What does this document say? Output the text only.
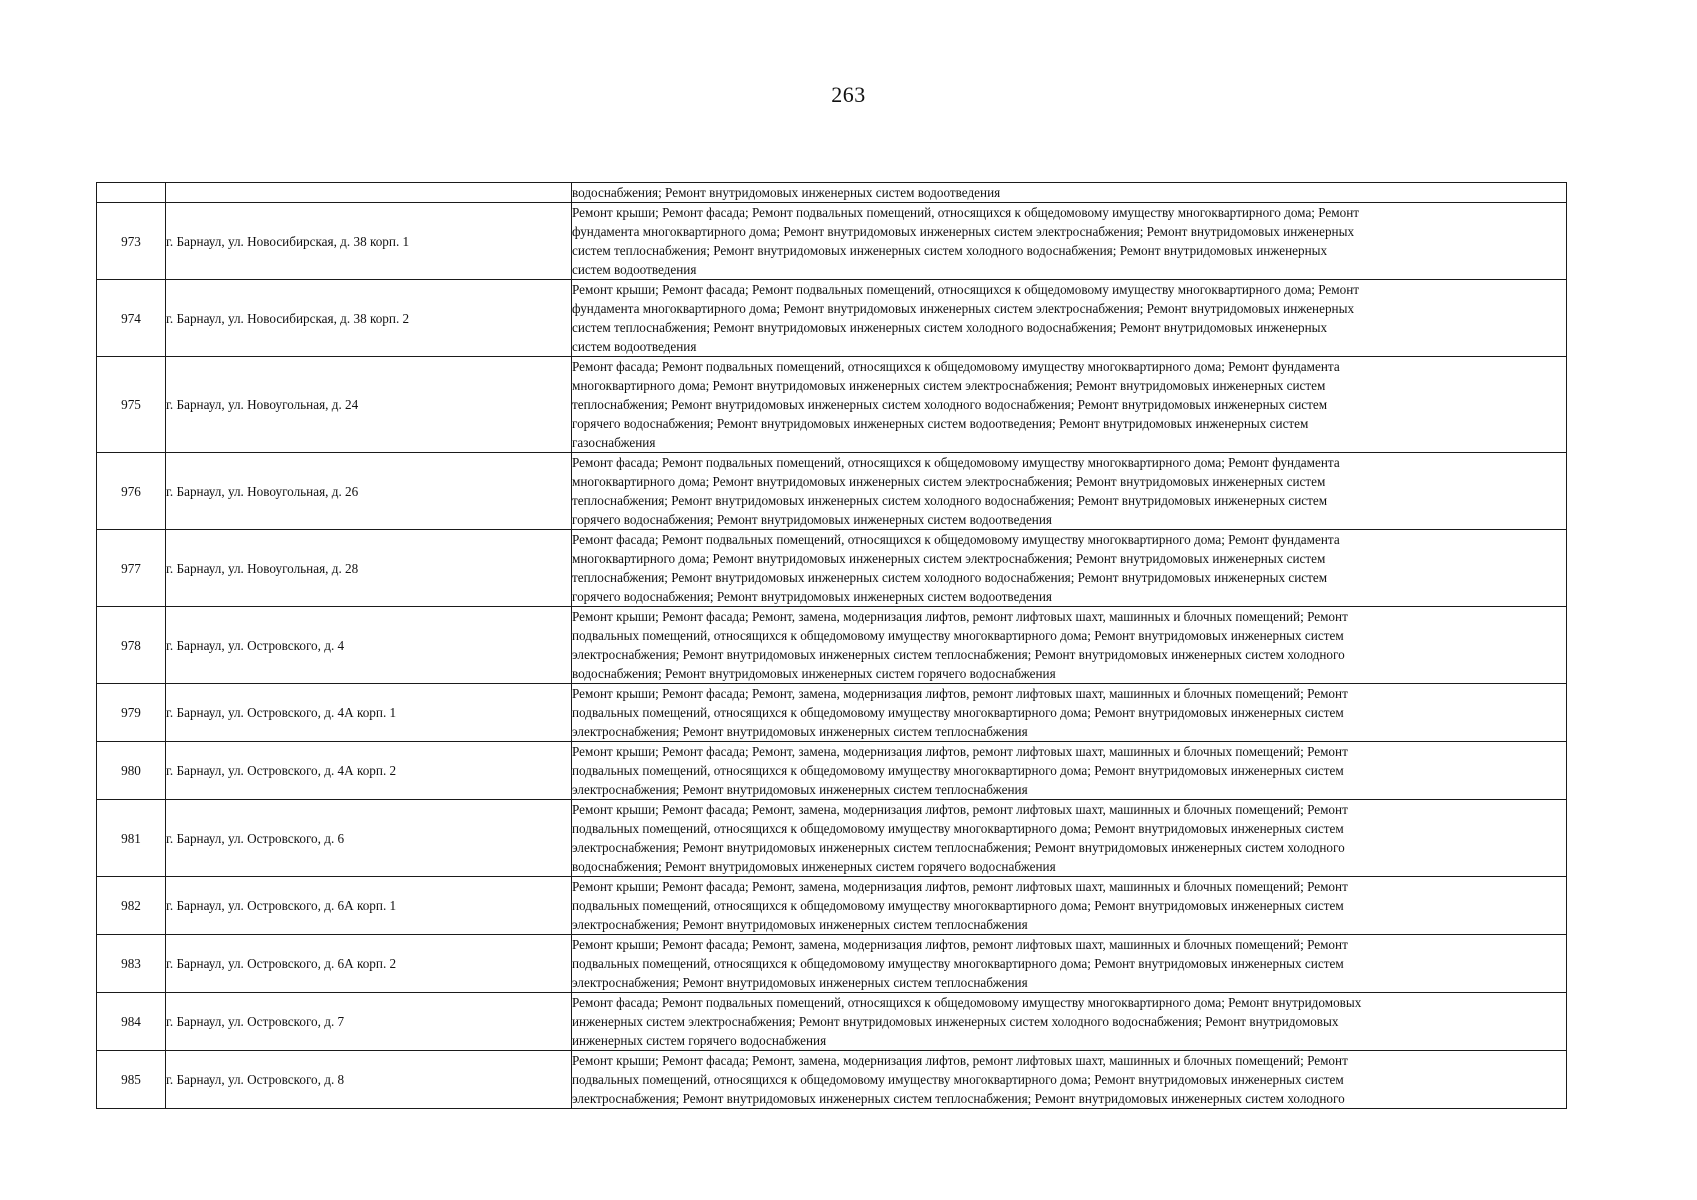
263

		водоснабжения; Ремонт внутридомовых инженерных систем водоотведения

973	г. Барнаул, ул. Новосибирская, д. 38 корп. 1	Ремонт крыши; Ремонт фасада; Ремонт подвальных помещений, относящихся к общедомовому имуществу многоквартирного дома; Ремонт
фундамента многоквартирного дома; Ремонт внутридомовых инженерных систем электроснабжения; Ремонт внутридомовых инженерных
систем теплоснабжения; Ремонт внутридомовых инженерных систем холодного водоснабжения; Ремонт внутридомовых инженерных
систем водоотведения

974	г. Барнаул, ул. Новосибирская, д. 38 корп. 2	Ремонт крыши; Ремонт фасада; Ремонт подвальных помещений, относящихся к общедомовому имуществу многоквартирного дома; Ремонт
фундамента многоквартирного дома; Ремонт внутридомовых инженерных систем электроснабжения; Ремонт внутридомовых инженерных
систем теплоснабжения; Ремонт внутридомовых инженерных систем холодного водоснабжения; Ремонт внутридомовых инженерных
систем водоотведения

975	г. Барнаул, ул. Новоугольная, д. 24	Ремонт фасада; Ремонт подвальных помещений, относящихся к общедомовому имуществу многоквартирного дома; Ремонт фундамента
многоквартирного дома; Ремонт внутридомовых инженерных систем электроснабжения; Ремонт внутридомовых инженерных систем
теплоснабжения; Ремонт внутридомовых инженерных систем холодного водоснабжения; Ремонт внутридомовых инженерных систем
горячего водоснабжения; Ремонт внутридомовых инженерных систем водоотведения; Ремонт внутридомовых инженерных систем
газоснабжения

976	г. Барнаул, ул. Новоугольная, д. 26	Ремонт фасада; Ремонт подвальных помещений, относящихся к общедомовому имуществу многоквартирного дома; Ремонт фундамента
многоквартирного дома; Ремонт внутридомовых инженерных систем электроснабжения; Ремонт внутридомовых инженерных систем
теплоснабжения; Ремонт внутридомовых инженерных систем холодного водоснабжения; Ремонт внутридомовых инженерных систем
горячего водоснабжения; Ремонт внутридомовых инженерных систем водоотведения

977	г. Барнаул, ул. Новоугольная, д. 28	Ремонт фасада; Ремонт подвальных помещений, относящихся к общедомовому имуществу многоквартирного дома; Ремонт фундамента
многоквартирного дома; Ремонт внутридомовых инженерных систем электроснабжения; Ремонт внутридомовых инженерных систем
теплоснабжения; Ремонт внутридомовых инженерных систем холодного водоснабжения; Ремонт внутридомовых инженерных систем
горячего водоснабжения; Ремонт внутридомовых инженерных систем водоотведения

978	г. Барнаул, ул. Островского, д. 4	Ремонт крыши; Ремонт фасада; Ремонт, замена, модернизация лифтов, ремонт лифтовых шахт, машинных и блочных помещений; Ремонт
подвальных помещений, относящихся к общедомовому имуществу многоквартирного дома; Ремонт внутридомовых инженерных систем
электроснабжения; Ремонт внутридомовых инженерных систем теплоснабжения; Ремонт внутридомовых инженерных систем холодного
водоснабжения; Ремонт внутридомовых инженерных систем горячего водоснабжения

979	г. Барнаул, ул. Островского, д. 4А корп. 1	Ремонт крыши; Ремонт фасада; Ремонт, замена, модернизация лифтов, ремонт лифтовых шахт, машинных и блочных помещений; Ремонт
подвальных помещений, относящихся к общедомовому имуществу многоквартирного дома; Ремонт внутридомовых инженерных систем
электроснабжения; Ремонт внутридомовых инженерных систем теплоснабжения

980	г. Барнаул, ул. Островского, д. 4А корп. 2	Ремонт крыши; Ремонт фасада; Ремонт, замена, модернизация лифтов, ремонт лифтовых шахт, машинных и блочных помещений; Ремонт
подвальных помещений, относящихся к общедомовому имуществу многоквартирного дома; Ремонт внутридомовых инженерных систем
электроснабжения; Ремонт внутридомовых инженерных систем теплоснабжения

981	г. Барнаул, ул. Островского, д. 6	Ремонт крыши; Ремонт фасада; Ремонт, замена, модернизация лифтов, ремонт лифтовых шахт, машинных и блочных помещений; Ремонт
подвальных помещений, относящихся к общедомовому имуществу многоквартирного дома; Ремонт внутридомовых инженерных систем
электроснабжения; Ремонт внутридомовых инженерных систем теплоснабжения; Ремонт внутридомовых инженерных систем холодного
водоснабжения; Ремонт внутридомовых инженерных систем горячего водоснабжения

982	г. Барнаул, ул. Островского, д. 6А корп. 1	Ремонт крыши; Ремонт фасада; Ремонт, замена, модернизация лифтов, ремонт лифтовых шахт, машинных и блочных помещений; Ремонт
подвальных помещений, относящихся к общедомовому имуществу многоквартирного дома; Ремонт внутридомовых инженерных систем
электроснабжения; Ремонт внутридомовых инженерных систем теплоснабжения

983	г. Барнаул, ул. Островского, д. 6А корп. 2	Ремонт крыши; Ремонт фасада; Ремонт, замена, модернизация лифтов, ремонт лифтовых шахт, машинных и блочных помещений; Ремонт
подвальных помещений, относящихся к общедомовому имуществу многоквартирного дома; Ремонт внутридомовых инженерных систем
электроснабжения; Ремонт внутридомовых инженерных систем теплоснабжения

984	г. Барнаул, ул. Островского, д. 7	Ремонт фасада; Ремонт подвальных помещений, относящихся к общедомовому имуществу многоквартирного дома; Ремонт внутридомовых
инженерных систем электроснабжения; Ремонт внутридомовых инженерных систем холодного водоснабжения; Ремонт внутридомовых
инженерных систем горячего водоснабжения

985	г. Барнаул, ул. Островского, д. 8	Ремонт крыши; Ремонт фасада; Ремонт, замена, модернизация лифтов, ремонт лифтовых шахт, машинных и блочных помещений; Ремонт
подвальных помещений, относящихся к общедомовому имуществу многоквартирного дома; Ремонт внутридомовых инженерных систем
электроснабжения; Ремонт внутридомовых инженерных систем теплоснабжения; Ремонт внутридомовых инженерных систем холодного
